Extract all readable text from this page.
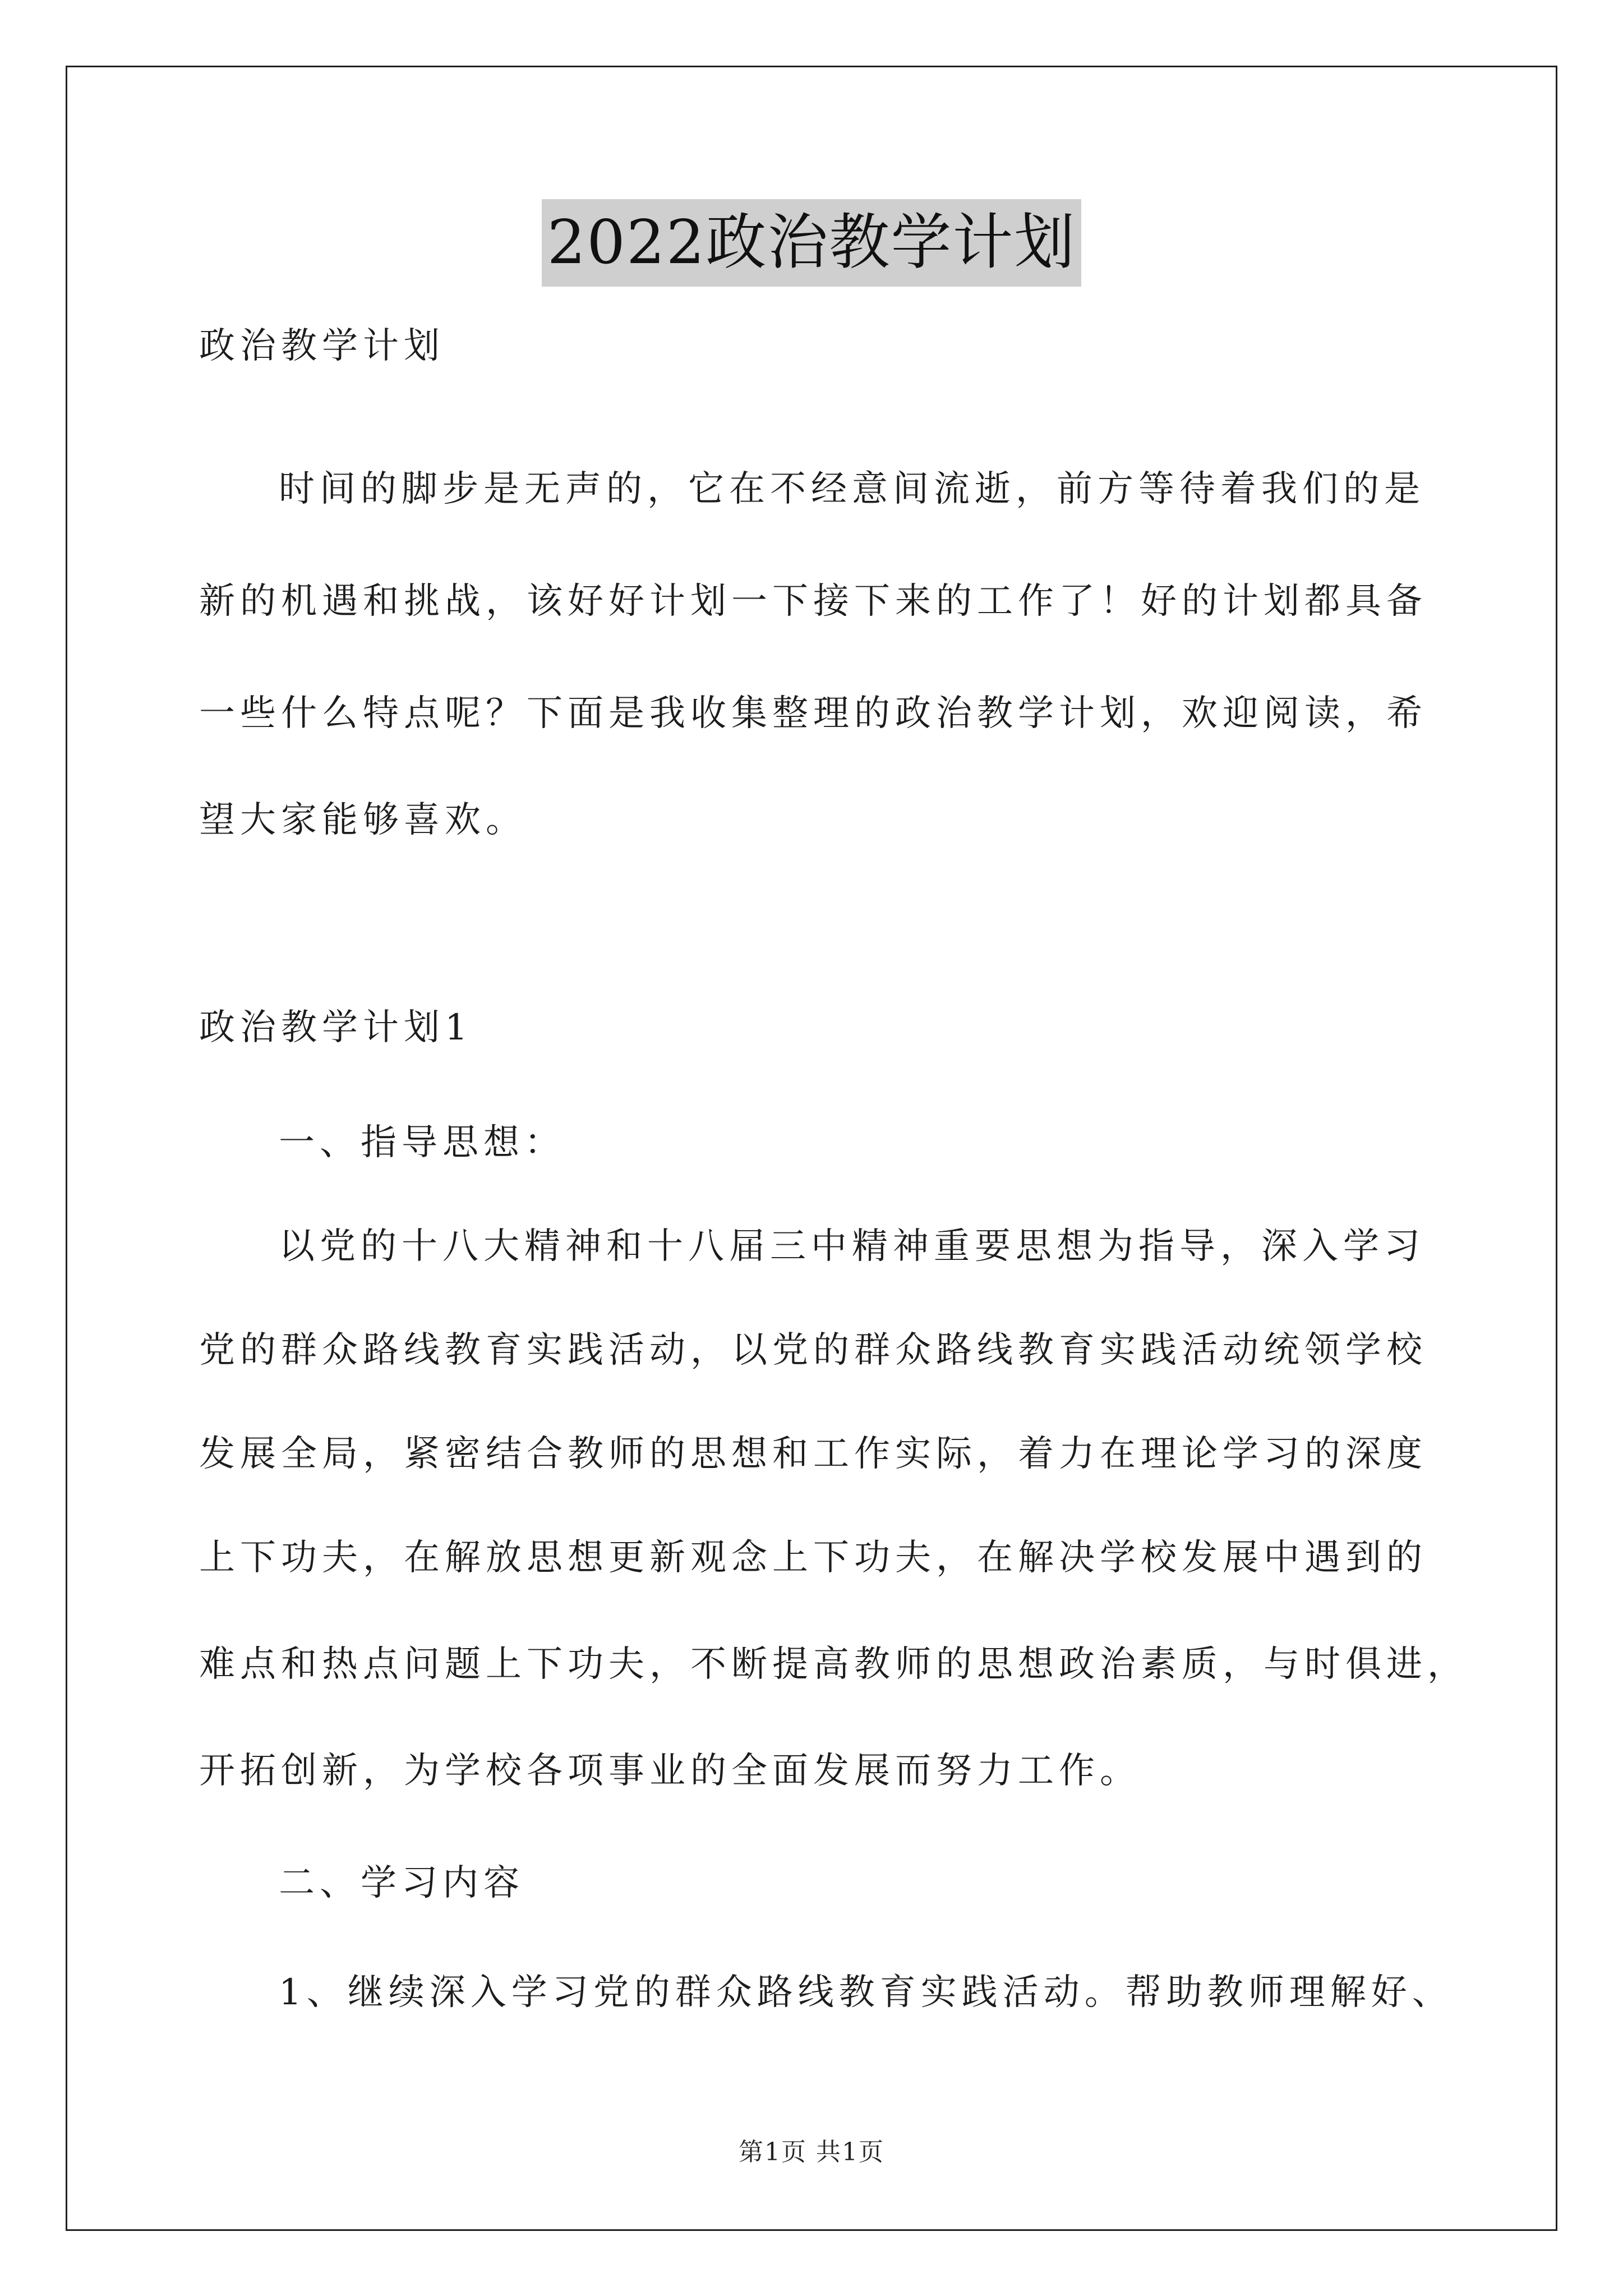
2022政治教学计划
政治教学计划
时间的脚步是无声的，它在不经意间流逝，前方等待着我们的是
新的机遇和挑战，该好好计划一下接下来的工作了！好的计划都具备
一些什么特点呢？下面是我收集整理的政治教学计划，欢迎阅读，希
望大家能够喜欢。
政治教学计划1
一、指导思想：
以党的十八大精神和十八届三中精神重要思想为指导，深入学习
党的群众路线教育实践活动，以党的群众路线教育实践活动统领学校
发展全局，紧密结合教师的思想和工作实际，着力在理论学习的深度
上下功夫，在解放思想更新观念上下功夫，在解决学校发展中遇到的
难点和热点问题上下功夫，不断提高教师的思想政治素质，与时俱进，
开拓创新，为学校各项事业的全面发展而努力工作。
二、学习内容
1、继续深入学习党的群众路线教育实践活动。帮助教师理解好、
第1页 共1页
